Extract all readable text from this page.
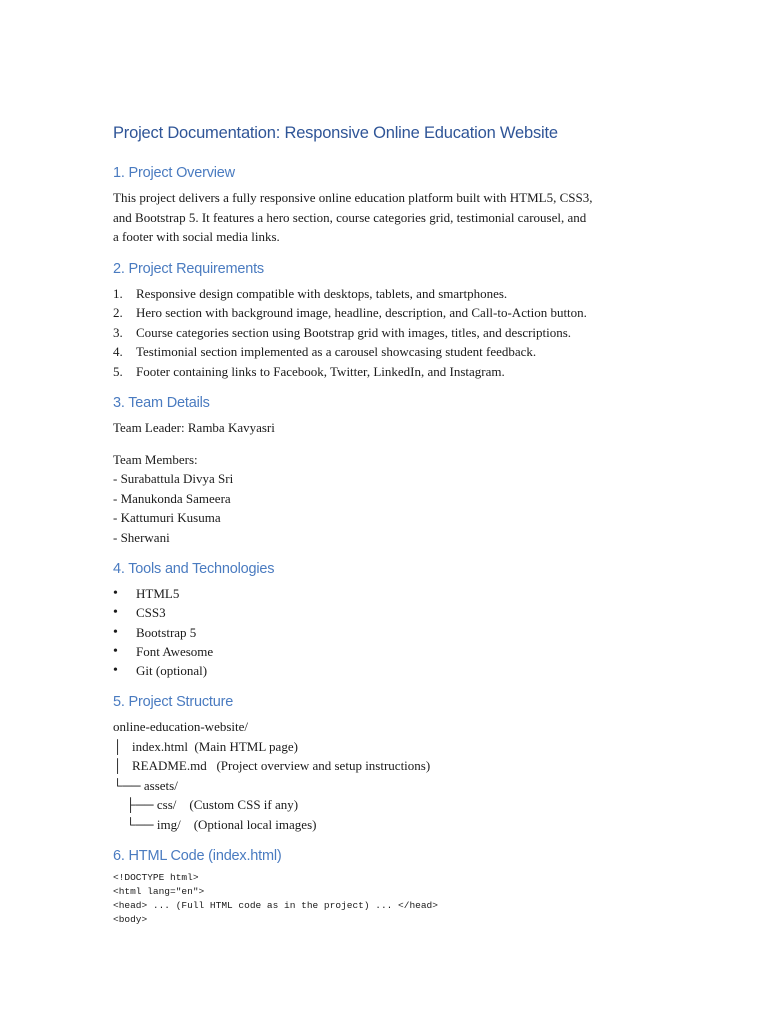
Project Documentation: Responsive Online Education Website
1. Project Overview

This project delivers a fully responsive online education platform built with HTML5, CSS3,

and Bootstrap 5. It features a hero section, course categories grid, testimonial carousel, and

a footer with social media links.

2. Project Requirements
1.	Responsive design compatible with desktops, tablets, and smartphones.
2.	Hero section with background image, headline, description, and Call-to-Action button.
3.	Course categories section using Bootstrap grid with images, titles, and descriptions.
4.	Testimonial section implemented as a carousel showcasing student feedback.
5.	Footer containing links to Facebook, Twitter, LinkedIn, and Instagram.
3. Team Details

Team Leader: Ramba Kavyasri

Team Members:

- Surabattula Divya Sri

- Manukonda Sameera

- Kattumuri Kusuma

- Sherwani

4. Tools and Technologies
•	HTML5
•	CSS3
•	Bootstrap 5
•	Font Awesome
•	Git (optional)
5. Project Structure
online-education-website/
│   index.html  (Main HTML page)
│   README.md   (Project overview and setup instructions)
└── assets/
├── css/    (Custom CSS if any)
└── img/    (Optional local images)
6. HTML Code (index.html)
<!DOCTYPE html>
<html lang="en">
<head> ... (Full HTML code as in the project) ... </head>
<body>
